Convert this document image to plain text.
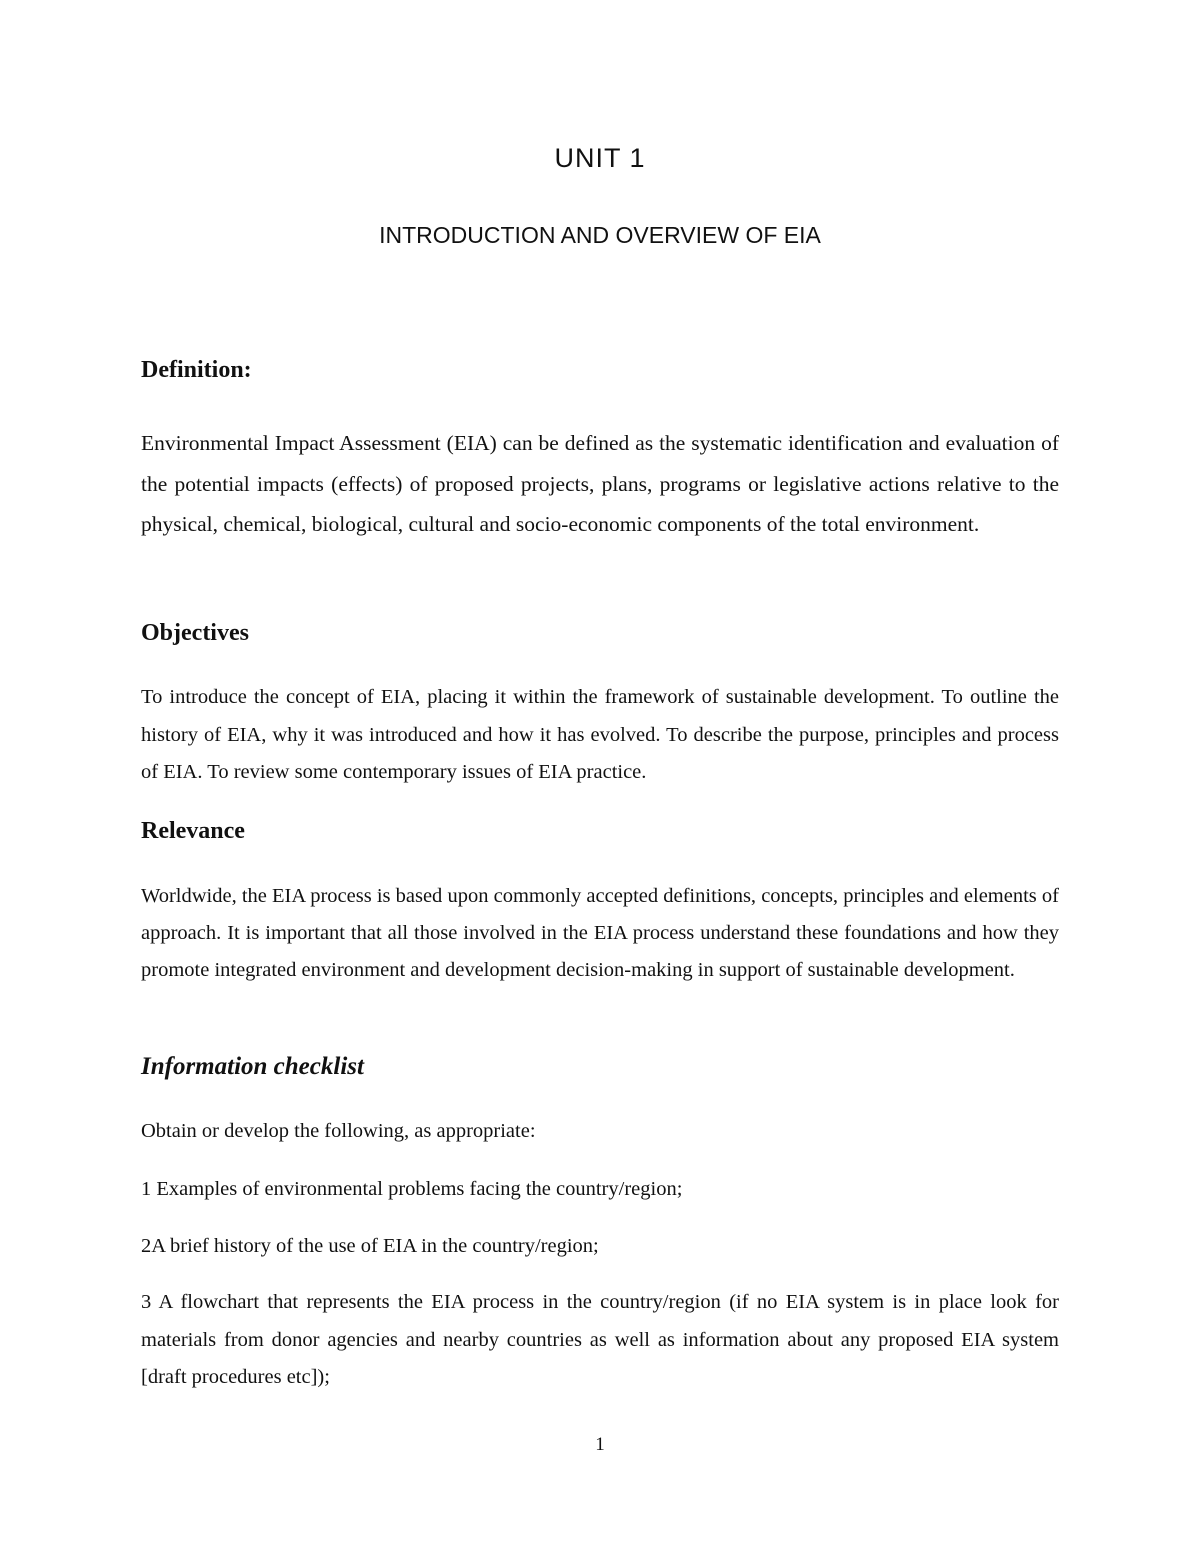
UNIT 1
INTRODUCTION AND OVERVIEW OF EIA
Definition:

Environmental Impact Assessment (EIA) can be defined as the systematic identification and evaluation of the potential impacts (effects) of proposed projects, plans, programs or legislative actions relative to the physical, chemical, biological, cultural and socio-economic components of the total environment.

Objectives

To introduce the concept of EIA, placing it within the framework of sustainable development. To outline the history of EIA, why it was introduced and how it has evolved. To describe the purpose, principles and process of EIA. To review some contemporary issues of EIA practice.

Relevance

Worldwide, the EIA process is based upon commonly accepted definitions, concepts, principles and elements of approach. It is important that all those involved in the EIA process understand these foundations and how they promote integrated environment and development decision-making in support of sustainable development.

Information checklist

Obtain or develop the following, as appropriate:

1 Examples of environmental problems facing the country/region;

2A brief history of the use of EIA in the country/region;

3 A flowchart that represents the EIA process in the country/region (if no EIA system is in place look for materials from donor agencies and nearby countries as well as information about any proposed EIA system [draft procedures etc]);

1
